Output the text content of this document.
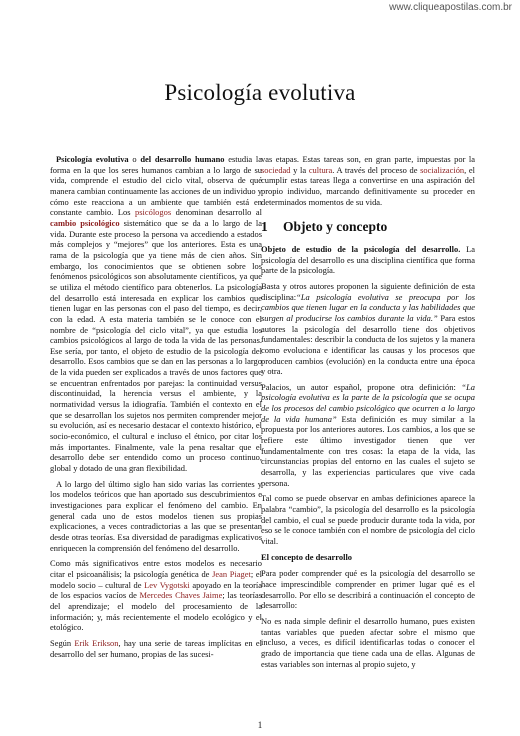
www.cliqueapostilas.com.br
Psicología evolutiva

Psicología evolutiva o del desarrollo humano estudia la forma en la que los seres humanos cambian a lo largo de su vida, comprende el estudio del ciclo vital, observa de qué manera cambian continuamente las acciones de un individuo y cómo este reacciona a un ambiente que también está en constante cambio. Los psicólogos denominan desarrollo al cambio psicológico sistemático que se da a lo largo de la vida. Durante este proceso la persona va accediendo a estados más complejos y “mejores” que los anteriores. Esta es una rama de la psicología que ya tiene más de cien años. Sin embargo, los conocimientos que se obtienen sobre los fenómenos psicológicos son absolutamente científicos, ya que se utiliza el método científico para obtenerlos. La psicología del desarrollo está interesada en explicar los cambios que tienen lugar en las personas con el paso del tiempo, es decir, con la edad. A esta materia también se le conoce con el nombre de “psicología del ciclo vital”, ya que estudia los cambios psicológicos al largo de toda la vida de las personas. Ese sería, por tanto, el objeto de estudio de la psicología del desarrollo. Esos cambios que se dan en las personas a lo largo de la vida pueden ser explicados a través de unos factores que se encuentran enfrentados por parejas: la continuidad versus discontinuidad, la herencia versus el ambiente, y la normatividad versus la idiografía. También el contexto en el que se desarrollan los sujetos nos permiten comprender mejor su evolución, así es necesario destacar el contexto histórico, el socio-económico, el cultural e incluso el étnico, por citar los más importantes. Finalmente, vale la pena resaltar que el desarrollo debe ser entendido como un proceso continuo, global y dotado de una gran flexibilidad.

A lo largo del último siglo han sido varias las corrientes y los modelos teóricos que han aportado sus descubrimientos e investigaciones para explicar el fenómeno del cambio. En general cada uno de estos modelos tienen sus propias explicaciones, a veces contradictorias a las que se presentan desde otras teorías. Esa diversidad de paradigmas explicativos enriquecen la comprensión del fenómeno del desarrollo.

Como más significativos entre estos modelos es necesario citar el psicoanálisis; la psicología genética de Jean Piaget; el modelo socio – cultural de Lev Vygotski apoyado en la teoría de los espacios vacíos de Mercedes Chaves Jaime; las teorías del aprendizaje; el modelo del procesamiento de la información; y, más recientemente el modelo ecológico y el etológico.

Según Erik Erikson, hay una serie de tareas implícitas en el desarrollo del ser humano, propias de las sucesi-

vas etapas. Estas tareas son, en gran parte, impuestas por la sociedad y la cultura. A través del proceso de socialización, el cumplir estas tareas llega a convertirse en una aspiración del propio individuo, marcando definitivamente su proceder en determinados momentos de su vida.

1 Objeto y concepto

Objeto de estudio de la psicología del desarrollo. La psicología del desarrollo es una disciplina científica que forma parte de la psicología.

Basta y otros autores proponen la siguiente definición de esta disciplina:“La psicología evolutiva se preocupa por los cambios que tienen lugar en la conducta y las habilidades que surgen al producirse los cambios durante la vida.” Para estos autores la psicología del desarrollo tiene dos objetivos fundamentales: describir la conducta de los sujetos y la manera como evoluciona e identificar las causas y los procesos que producen cambios (evolución) en la conducta entre una época y otra.

Palacios, un autor español, propone otra definición: “La psicología evolutiva es la parte de la psicología que se ocupa de los procesos del cambio psicológico que ocurren a lo largo de la vida humana” Esta definición es muy similar a la propuesta por los anteriores autores. Los cambios, a los que se refiere este último investigador tienen que ver fundamentalmente con tres cosas: la etapa de la vida, las circunstancias propias del entorno en las cuales el sujeto se desarrolla, y las experiencias particulares que vive cada persona.

Tal como se puede observar en ambas definiciones aparece la palabra “cambio”, la psicología del desarrollo es la psicología del cambio, el cual se puede producir durante toda la vida, por eso se le conoce también con el nombre de psicología del ciclo vital.

El concepto de desarrollo

Para poder comprender qué es la psicología del desarrollo se hace imprescindible comprender en primer lugar qué es el desarrollo. Por ello se describirá a continuación el concepto de desarrollo:

No es nada simple definir el desarrollo humano, pues existen tantas variables que pueden afectar sobre el mismo que incluso, a veces, es difícil identificarlas todas o conocer el grado de importancia que tiene cada una de ellas. Algunas de estas variables son internas al propio sujeto, y

1
